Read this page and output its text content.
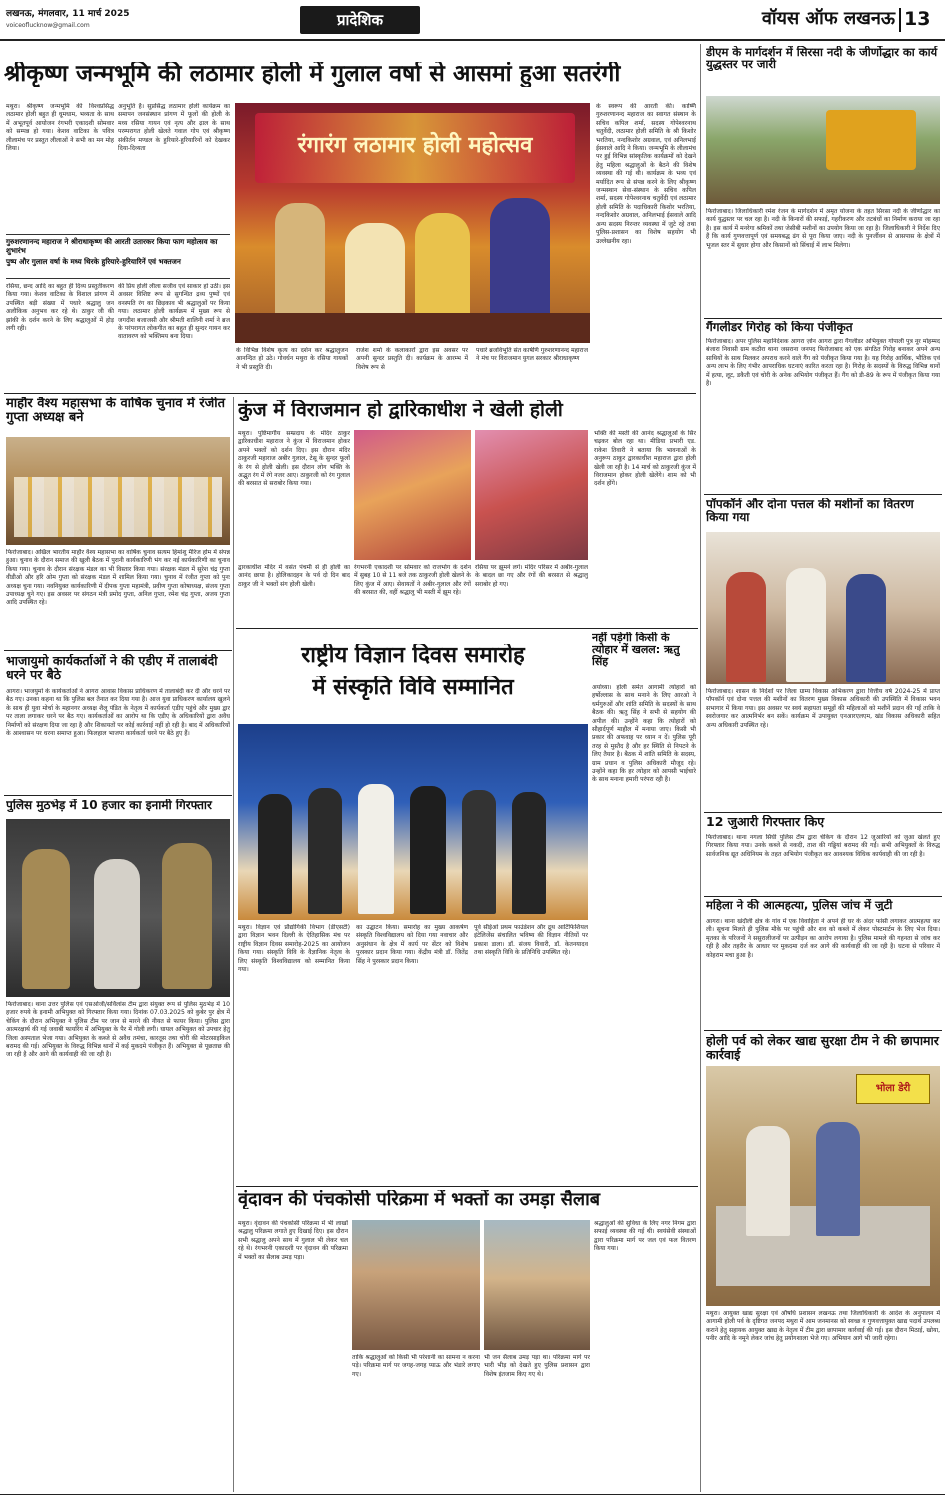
लखनऊ, मंगलवार, 11 मार्च 2025
voiceoflucknow@gmail.com	प्रादेशिक	वॉयस ऑफ लखनऊ 13
श्रीकृष्ण जन्मभूमि की लठामार होली में गुलाल वर्षा से आसमां हुआ सतरंगी
मथुरा। श्रीकृष्ण जन्मभूमि की विश्वप्रसिद्ध लठामार होली बहुत ही धूमधाम, भव्यता के साथ में अभूतपूर्व आयोजन रंगभरी एकादशी सोमवार को सम्पन्न हो गया। केशव वाटिका के पवित्र लीलामंच पर प्रस्तुत लीलाओं ने सभी का मन मोह लिया।
अनुभूति है। सुप्रसिद्ध लठामार होली कार्यक्रम का समापन जनसंस्थान प्रांगण में फूलों की होली के मध्य रसिया गायन एवं नृत्य और ढ़ाल के साथ परम्परागत होली खेलते गवाल गोप एवं श्रीकृष्ण संकीर्तन मण्डल के हुरियारे-हुरियारिनों को देखकर दिया-दिव्यता
गुरुशरणानन्द महाराज ने श्रीराधाकृष्ण की आरती उतारकर किया फाग महोत्सव का शुभारंभ
पुष्प और गुलाल वर्षा के मध्य थिरके हुरियारे-हुरियारिनें एवं भक्तजन
रसिया, छन्द आदि का बहुत ही दिव्य प्रस्तुतीकरण किया गया। केशव वाटिका के विशाल प्रांगण में उपस्थित बड़ी संख्या में पधारे श्रद्धालु जन अलौकिक अनुभव कर रहे थे। ठाकुर जी की झांकी के दर्शन करने के लिए श्रद्धालुओं में होड़ लगी रही।
की प्रिय होली लीला सजीव एवं साकार हो उठी। इस अवसर विशिष्ट रूप से सुगन्धित द्रव्य पुष्पों एवं वनस्पति रंग का छिड़काव भी श्रद्धालुओं पर किया गया। लठामार होली कार्यक्रम में मुख्य रूप से जगदीश बजाजसी और श्रीमती शालिनी शर्मा ने ब्रज के परंपरागत लोकगीत का बहुत ही सुन्दर गायन कर वातावरण को भक्तिमय बना दिया।
रंगारंग लठामार होली महोत्सव
के विभिन्न विशेष कृत्य का दर्शन कर श्रद्धालुजन आनन्दित हो उठे। गोवर्धन मथुरा के रसिया गायकों ने भी प्रस्तुति दी।
राजेश शर्मा के कलाकारों द्वारा इस अवसर पर अपनी सुन्दर प्रस्तुति दी। कार्यक्रम के आरम्भ में विशेष रूप से
पधारे ब्रजविभूति संत कार्षणि गुरुशरणानन्द महाराज ने मंच पर विराजमान युगल सरकार श्रीराधाकृष्ण
के स्वरूप की आरती की। कार्ष्णि गुरुशरणानन्द महाराज का स्वागत संस्थान के सचिव कपिल शर्मा, सदस्य गोपेश्वरनाथ चतुर्वेदी, लठामार होली समिति के श्री किशोर भरतिया, नन्दकिशोर अग्रवाल, एवं अनिलभाई ईसवाले आदि ने किया। जन्मभूमि के लीलामंच पर हुई विभिन्न सांस्कृतिक कार्यक्रमों को देखने हेतु महिला श्रद्धालुओं के बैठने की विशेष व्यवस्था की गई थी। कार्यक्रम के भव्य एवं मर्यादित रूप से संपन्न करने के लिए श्रीकृष्ण जन्मस्थान सेवा-संस्थान के सचिव कपिल शर्मा, सदस्य गोपेश्वरनाथ चतुर्वेदी एवं लठामार होली समिति के पदाधिकारी किशोर भरतिया, नन्दकिशोर अग्रवाल, अनिलभाई ईसवाले आदि अन्य सदस्य निरन्तर व्यवस्था में जुटे रहे तथा पुलिस-प्रशासन का विशेष सहयोग भी उल्लेखनीय रहा।
माहौर वैश्य महासभा के वार्षिक चुनाव में रंजीत गुप्ता अध्यक्ष बने
फिरोजाबाद। अखिल भारतीय माहौर वैश्य महासभा का वार्षिक चुनाव सत्यम हिमांशु मैरिज होम में संपन्न हुआ। चुनाव के दौरान समाज की खुली बैठक में पुरानी कार्यकारिणी भंग कर नई कार्यकारिणी का चुनाव किया गया। चुनाव के दौरान संरक्षक मंडल का भी विस्तार किया गया। संरक्षक मंडल में सुरेश चंद्र गुप्ता वीडीओ और हरि ओम गुप्ता को संरक्षक मंडल में शामिल किया गया। चुनाव में रंजीत गुप्ता को पुनः अध्यक्ष चुना गया। नवनियुक्त कार्यकारिणी में दीपक गुप्ता महामंत्री, प्रवीण गुप्ता कोषाध्यक्ष, संजय गुप्ता उपाध्यक्ष चुने गए। इस अवसर पर संगठन मंत्री प्रमोद गुप्ता, अनिल गुप्ता, रमेश चंद्र गुप्ता, अजय गुप्ता आदि उपस्थित रहे।
भाजायुमो कार्यकर्ताओं ने की एडीए में तालाबंदी धरने पर बैठे
आगरा। भाजयुमो के कार्यकर्ताओं ने आगरा आवास विकास प्राधिकरण में तालाबंदी कर दी और धरने पर बैठ गए। उनका कहना था कि पुलिस बल तैनात कर दिया गया है। आज युवा प्राधिकरण कार्यालय खुलने के साथ ही युवा मोर्चा के महानगर अध्यक्ष शैलू पंडित के नेतृत्व में कार्यकर्ता एडीए पहुंचे और मुख्य द्वार पर ताला लगाकर धरने पर बैठ गए। कार्यकर्ताओं का आरोप था कि एडीए के अधिकारियों द्वारा अवैध निर्माणों को संरक्षण दिया जा रहा है और शिकायतों पर कोई कार्रवाई नहीं हो रही है। बाद में अधिकारियों के आश्वासन पर धरना समाप्त हुआ। फिलहाल भाजपा कार्यकर्ता धरने पर बैठे हुए हैं।
पुलिस मुठभेड़ में 10 हजार का इनामी गिरफ्तार
फिरोजाबाद। थाना उत्तर पुलिस एवं एसओजी/सर्विलांस टीम द्वारा संयुक्त रूप से पुलिस मुठभेड़ में 10 हजार रुपये के इनामी अभियुक्त को गिरफ्तार किया गया। दिनांक 07.03.2025 को कुबेर पुर क्षेत्र में चेकिंग के दौरान अभियुक्त ने पुलिस टीम पर जान से मारने की नीयत से फायर किया। पुलिस द्वारा आत्मरक्षार्थ की गई जवाबी फायरिंग में अभियुक्त के पैर में गोली लगी। घायल अभियुक्त को उपचार हेतु जिला अस्पताल भेजा गया। अभियुक्त के कब्जे से अवैध तमंचा, कारतूस तथा चोरी की मोटरसाइकिल बरामद की गई। अभियुक्त के विरुद्ध विभिन्न थानों में कई मुकदमे पंजीकृत हैं। अभियुक्त से पूछताछ की जा रही है और आगे की कार्यवाही की जा रही है।
कुंज में विराजमान हो द्वारिकाधीश ने खेली होली
मथुरा। पुष्टिमार्गीय सम्प्रदाय के मंदिर ठाकुर द्वारिकाधीश महाराज ने कुंज में विराजमान होकर अपने भक्तों को दर्शन दिए। इस दौरान मंदिर ठाकुरजी महाराज अबीर गुलाल, टेसू के सुन्दर फूलों के रंग से होली खेली। इस दौरान लोग भक्ति के अद्भुत रंग में रंगे नजर आए। ठाकुरजी को रंग गुलाल की बरसात से सराबोर किया गया।
भक्ति की मस्ती की आनंद श्रद्धालुओं के सिर चढ़कर बोल रहा था। मीडिया प्रभारी एड. राकेश तिवारी ने बताया कि भावनाओं के अनुरूप ठाकुर द्वारकाधीश महाराज द्वारा होली खेली जा रही है। 14 मार्च को ठाकुरजी कुंज में विराजमान होकर होली खेलेंगे। शाम को भी दर्शन होंगे।
द्वारकाधीश मंदिर में वसंत पंचमी से ही होली का आनंद छाया है। होलिकादहन के पर्व दो दिन बाद ठाकुर जी ने भक्तों संग होली खेली।
रंगभरनी एकादशी पर सोमवार को राजभोग के दर्शन में सुबह 10 से 11 बजे तक ठाकुरजी होली खेलने के लिए कुंज में आए। सेवायतों ने अबीर-गुलाल और रंगों की बरसात की, वहीं श्रद्धालु भी मस्ती में झूम रहे।
रसिया पर झूमने लगे। मंदिर परिसर में अबीर-गुलाल के बादल छा गए और रंगों की बरसात से श्रद्धालु सराबोर हो गए।
नहीं पड़ेगी किसी के त्योहार में खलल: ऋतु सिंह
अयोध्या। होली समेत आगामी त्योहारों को हर्षोल्लास के साथ मनाने के लिए आरओ ने धर्मगुरुओं और शांति समिति के सदस्यों के साथ बैठक की। ऋतु सिंह ने सभी से सहयोग की अपील की। उन्होंने कहा कि त्योहारों को सौहार्दपूर्ण माहौल में मनाया जाए। किसी भी प्रकार की अफवाह पर ध्यान न दें। पुलिस पूरी तरह से मुस्तैद है और हर स्थिति से निपटने के लिए तैयार है। बैठक में शांति समिति के सदस्य, ग्राम प्रधान व पुलिस अधिकारी मौजूद रहे। उन्होंने कहा कि हर त्योहार को आपसी भाईचारे के साथ मनाना हमारी परंपरा रही है।
राष्ट्रीय विज्ञान दिवस समारोह
में संस्कृति विवि सम्मानित
मथुरा। विज्ञान एवं प्रौद्योगिकी विभाग (डीएसटी) द्वारा विज्ञान भवन दिल्ली के ऐतिहासिक मंच पर राष्ट्रीय विज्ञान दिवस समारोह-2025 का आयोजन किया गया। संस्कृति विवि के वैज्ञानिक नेतृत्व के लिए संस्कृति विश्वविद्यालय को सम्मानित किया गया।
का उद्घाटन किया। समारोह का मुख्य आकर्षण संस्कृति विश्वविद्यालय को दिया गया नवाचार और अनुसंधान के क्षेत्र में कार्य पर सेंटर को विशेष पुरस्कार प्रदान किया गया। केंद्रीय मंत्री डॉ. जितेंद्र सिंह ने पुरस्कार प्रदान किया।
पूर्व सीईओ प्रथम फाउंडेशन और द्रुथ आर्टिफिशियल इंटेलिजेंस संचालित भविष्य की विज्ञान नीतियों पर प्रकाश डाला। डॉ. संजय विवारी, डॉ. केतनयादव तथा संस्कृति विवि के प्रतिनिधि उपस्थित रहे।
वृंदावन की पंचकोसी परिक्रमा में भक्तों का उमड़ा सैलाब
मथुरा। वृंदावन की पंचकोसी परिक्रमा में भी लाखों श्रद्धालु परिक्रमा लगाते हुए दिखाई दिए। इस दौरान सभी श्रद्धालु अपने साथ में गुलाल भी लेकर चल रहे थे। रंगभरनी एकादशी पर वृंदावन की परिक्रमा में भक्तों का सैलाब उमड़ पड़ा।
ताकि श्रद्धालुओं को किसी भी परेशानी का सामना न करना पड़े। परिक्रमा मार्ग पर जगह-जगह प्याऊ और भंडारे लगाए गए।
भी जन सैलाब उमड़ पड़ा था। परिक्रमा मार्ग पर भारी भीड़ को देखते हुए पुलिस प्रशासन द्वारा विशेष इंतजाम किए गए थे।
श्रद्धालुओं की सुविधा के लिए नगर निगम द्वारा सफाई व्यवस्था की गई थी। स्वयंसेवी संस्थाओं द्वारा परिक्रमा मार्ग पर जल एवं फल वितरण किया गया।
डीएम के मार्गदर्शन में सिरसा नदी के जीर्णोद्धार का कार्य युद्धस्तर पर जारी
फिरोजाबाद। जिलाधिकारी रमेश रंजन के मार्गदर्शन में अमृत योजना के तहत सिरसा नदी के जीर्णोद्धार का कार्य युद्धस्तर पर चल रहा है। नदी के किनारों की सफाई, गहरीकरण और तटबंधों का निर्माण कराया जा रहा है। इस कार्य में मनरेगा श्रमिकों तथा जेसीबी मशीनों का उपयोग किया जा रहा है। जिलाधिकारी ने निर्देश दिए हैं कि कार्य गुणवत्तापूर्ण एवं समयबद्ध ढंग से पूरा किया जाए। नदी के पुनर्जीवन से आसपास के क्षेत्रों में भूजल स्तर में सुधार होगा और किसानों को सिंचाई में लाभ मिलेगा।
गैंगलीडर गिरोह को किया पंजीकृत
फिरोजाबाद। अपर पुलिस महानिदेशक आगरा ज़ोन आगरा द्वारा गैंगलीडर अभियुक्त गोपाली पुत्र नूर मोहम्मद बंजारा निवासी ग्राम कठौरा थाना जसराना जनपद फिरोजाबाद को एक संगठित गिरोह बनाकर अपने अन्य साथियों के साथ मिलकर अपराध करने वाले गैंग को पंजीकृत किया गया है। यह गिरोह आर्थिक, भौतिक एवं अन्य लाभ के लिए गंभीर आपराधिक घटनाएं कारित करता रहा है। गिरोह के सदस्यों के विरुद्ध विभिन्न थानों में हत्या, लूट, डकैती एवं चोरी के अनेक अभियोग पंजीकृत हैं। गैंग को डी-89 के रूप में पंजीकृत किया गया है।
पॉपकॉर्न और दोना पत्तल की मशीनों का वितरण किया गया
फिरोजाबाद। शासन के निर्देशों पर जिला ग्राम्य विकास अभिकरण द्वारा वित्तीय वर्ष 2024-25 में प्राप्त पॉपकॉर्न एवं दोना पत्तल की मशीनों का वितरण मुख्य विकास अधिकारी की उपस्थिति में विकास भवन सभागार में किया गया। इस अवसर पर स्वयं सहायता समूहों की महिलाओं को मशीनें प्रदान की गईं ताकि वे स्वरोजगार कर आत्मनिर्भर बन सकें। कार्यक्रम में उपायुक्त एनआरएलएम, खंड विकास अधिकारी सहित अन्य अधिकारी उपस्थित रहे।
12 जुआरी गिरफ्तार किए
फिरोजाबाद। थाना नगला सिंघी पुलिस टीम द्वारा चेकिंग के दौरान 12 जुआरियों को जुआ खेलते हुए गिरफ्तार किया गया। उनके कब्जे से नकदी, ताश की गड्डियां बरामद की गईं। सभी अभियुक्तों के विरुद्ध सार्वजनिक द्यूत अधिनियम के तहत अभियोग पंजीकृत कर आवश्यक विधिक कार्यवाही की जा रही है।
महिला ने की आत्महत्या, पुलिस जांच में जुटी
आगरा। थाना खंदौली क्षेत्र के गांव में एक विवाहिता ने अपने ही घर के अंदर फांसी लगाकर आत्महत्या कर ली। सूचना मिलते ही पुलिस मौके पर पहुंची और शव को कब्जे में लेकर पोस्टमार्टम के लिए भेज दिया। मृतका के परिजनों ने ससुरालीजनों पर उत्पीड़न का आरोप लगाया है। पुलिस मामले की गहनता से जांच कर रही है और तहरीर के आधार पर मुकदमा दर्ज कर आगे की कार्यवाही की जा रही है। घटना से परिवार में कोहराम मचा हुआ है।
होली पर्व को लेकर खाद्य सुरक्षा टीम ने की छापामार कार्रवाई
भोला डेरी
मथुरा। आयुक्त खाद्य सुरक्षा एवं औषधि प्रशासन लखनऊ तथा जिलाधिकारी के आदेश के अनुपालन में आगामी होली पर्व के दृष्टिगत जनपद मथुरा में आम जनमानस को स्वच्छ व गुणवत्तायुक्त खाद्य पदार्थ उपलब्ध कराने हेतु सहायक आयुक्त खाद्य के नेतृत्व में टीम द्वारा छापामार कार्रवाई की गई। इस दौरान मिठाई, खोया, पनीर आदि के नमूने लेकर जांच हेतु प्रयोगशाला भेजे गए। अभियान आगे भी जारी रहेगा।
